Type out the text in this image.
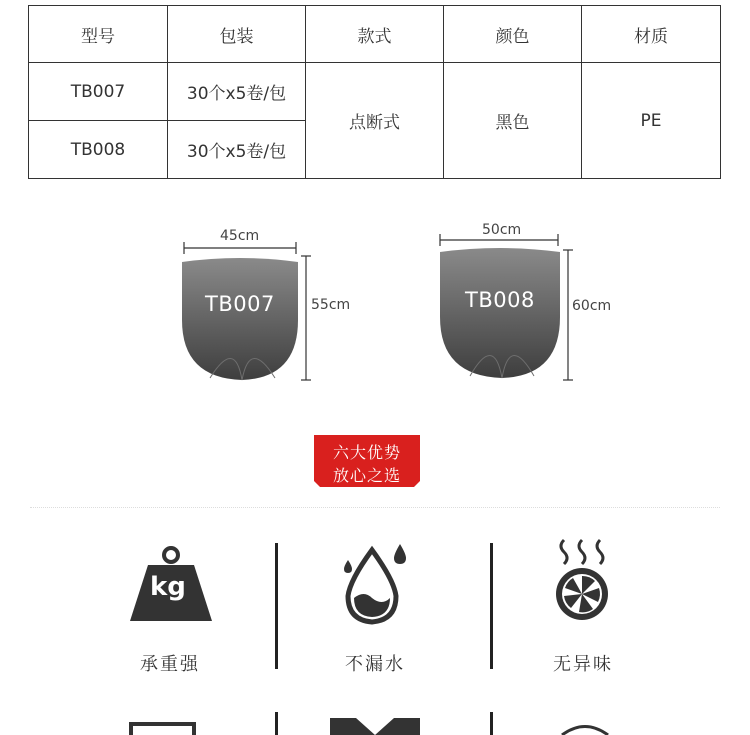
型号	包装	款式	颜色	材质
TB007	30个x5卷/包	点断式	黑色	PE
TB008	30个x5卷/包			
45cm
55cm
TB007
50cm
60cm
TB008
六大优势
放心之选
kg
承重强	不漏水	无异味
